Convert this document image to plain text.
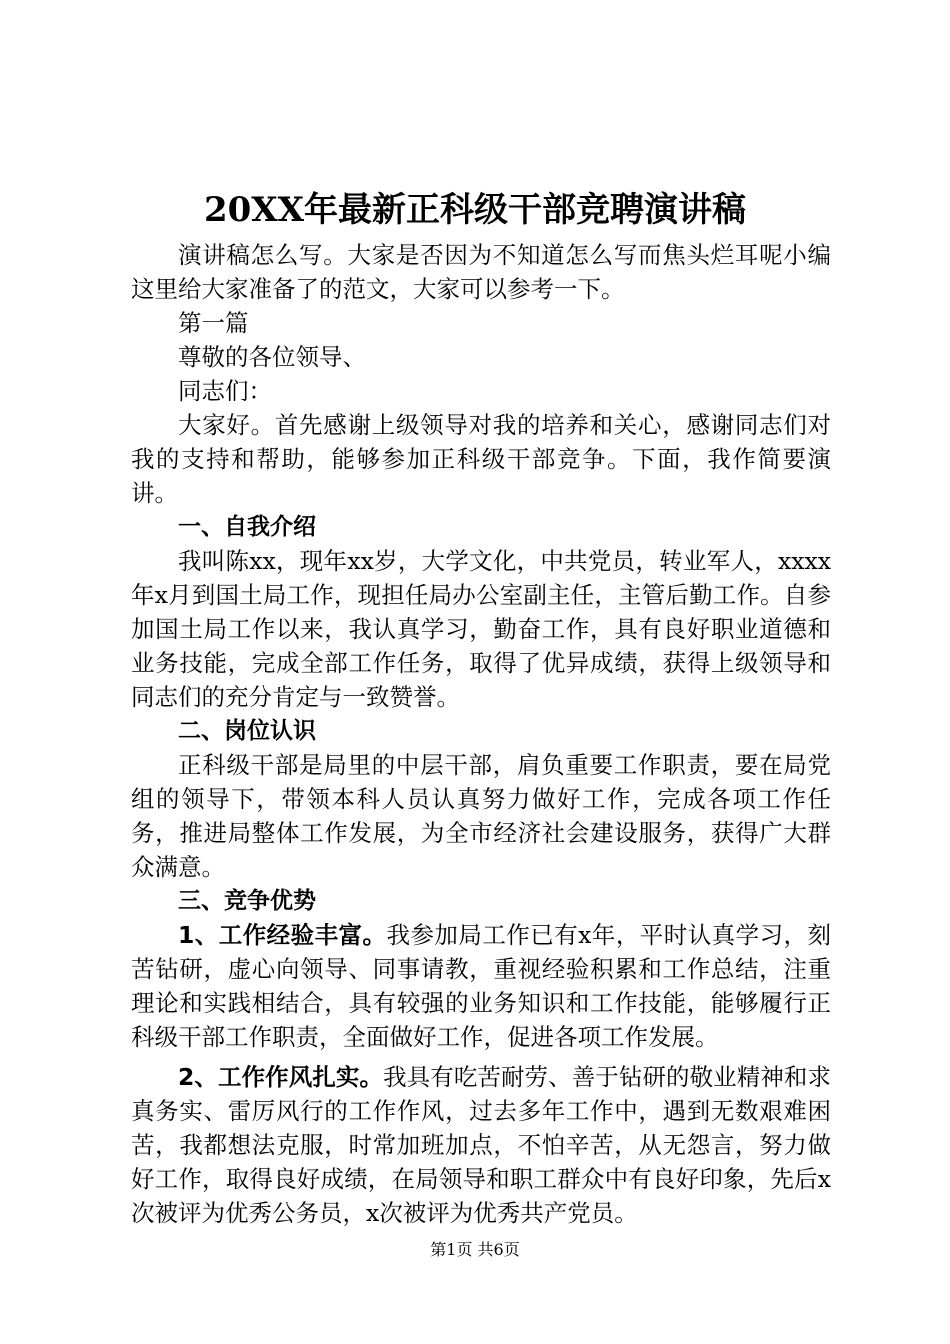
20XX年最新正科级干部竞聘演讲稿

演讲稿怎么写。大家是否因为不知道怎么写而焦头烂耳呢小编这里给大家准备了的范文，大家可以参考一下。

第一篇

尊敬的各位领导、

同志们：

大家好。首先感谢上级领导对我的培养和关心，感谢同志们对我的支持和帮助，能够参加正科级干部竞争。下面，我作简要演讲。

一、自我介绍

我叫陈xx，现年xx岁，大学文化，中共党员，转业军人，xxxx年x月到国土局工作，现担任局办公室副主任，主管后勤工作。自参加国土局工作以来，我认真学习，勤奋工作，具有良好职业道德和业务技能，完成全部工作任务，取得了优异成绩，获得上级领导和同志们的充分肯定与一致赞誉。

二、岗位认识

正科级干部是局里的中层干部，肩负重要工作职责，要在局党组的领导下，带领本科人员认真努力做好工作，完成各项工作任务，推进局整体工作发展，为全市经济社会建设服务，获得广大群众满意。

三、竞争优势

1、工作经验丰富。我参加局工作已有x年，平时认真学习，刻苦钻研，虚心向领导、同事请教，重视经验积累和工作总结，注重理论和实践相结合，具有较强的业务知识和工作技能，能够履行正科级干部工作职责，全面做好工作，促进各项工作发展。

2、工作作风扎实。我具有吃苦耐劳、善于钻研的敬业精神和求真务实、雷厉风行的工作作风，过去多年工作中，遇到无数艰难困苦，我都想法克服，时常加班加点，不怕辛苦，从无怨言，努力做好工作，取得良好成绩，在局领导和职工群众中有良好印象，先后x次被评为优秀公务员，x次被评为优秀共产党员。

第1页 共6页
